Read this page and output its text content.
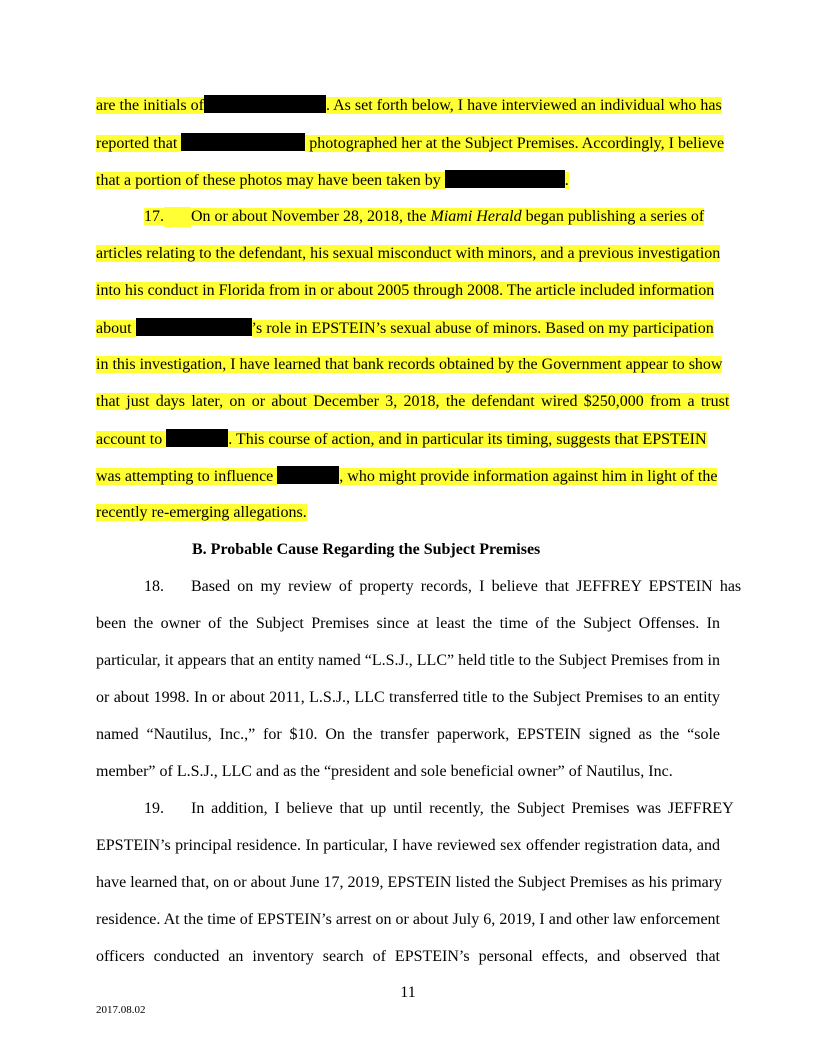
are the initials of	. As set forth below, I have interviewed an individual who has
reported that	photographed her at the Subject Premises. Accordingly, I believe
that a portion of these photos may have been taken by	.
17. On or about November 28, 2018, the Miami Herald began publishing a series of
articles relating to the defendant, his sexual misconduct with minors, and a previous investigation
into his conduct in Florida from in or about 2005 through 2008. The article included information
about	’s role in EPSTEIN’s sexual abuse of minors. Based on my participation
in this investigation, I have learned that bank records obtained by the Government appear to show
that just days later, on or about December 3, 2018, the defendant wired $250,000 from a trust
account to	. This course of action, and in particular its timing, suggests that EPSTEIN
was attempting to influence	, who might provide information against him in light of the
recently re-emerging allegations.
B. Probable Cause Regarding the Subject Premises
18. Based on my review of property records, I believe that JEFFREY EPSTEIN has
been the owner of the Subject Premises since at least the time of the Subject Offenses. In
particular, it appears that an entity named “L.S.J., LLC” held title to the Subject Premises from in
or about 1998. In or about 2011, L.S.J., LLC transferred title to the Subject Premises to an entity
named “Nautilus, Inc.,” for $10. On the transfer paperwork, EPSTEIN signed as the “sole
member” of L.S.J., LLC and as the “president and sole beneficial owner” of Nautilus, Inc.
19. In addition, I believe that up until recently, the Subject Premises was JEFFREY
EPSTEIN’s principal residence. In particular, I have reviewed sex offender registration data, and
have learned that, on or about June 17, 2019, EPSTEIN listed the Subject Premises as his primary
residence. At the time of EPSTEIN’s arrest on or about July 6, 2019, I and other law enforcement
officers conducted an inventory search of EPSTEIN’s personal effects, and observed that
11
2017.08.02
